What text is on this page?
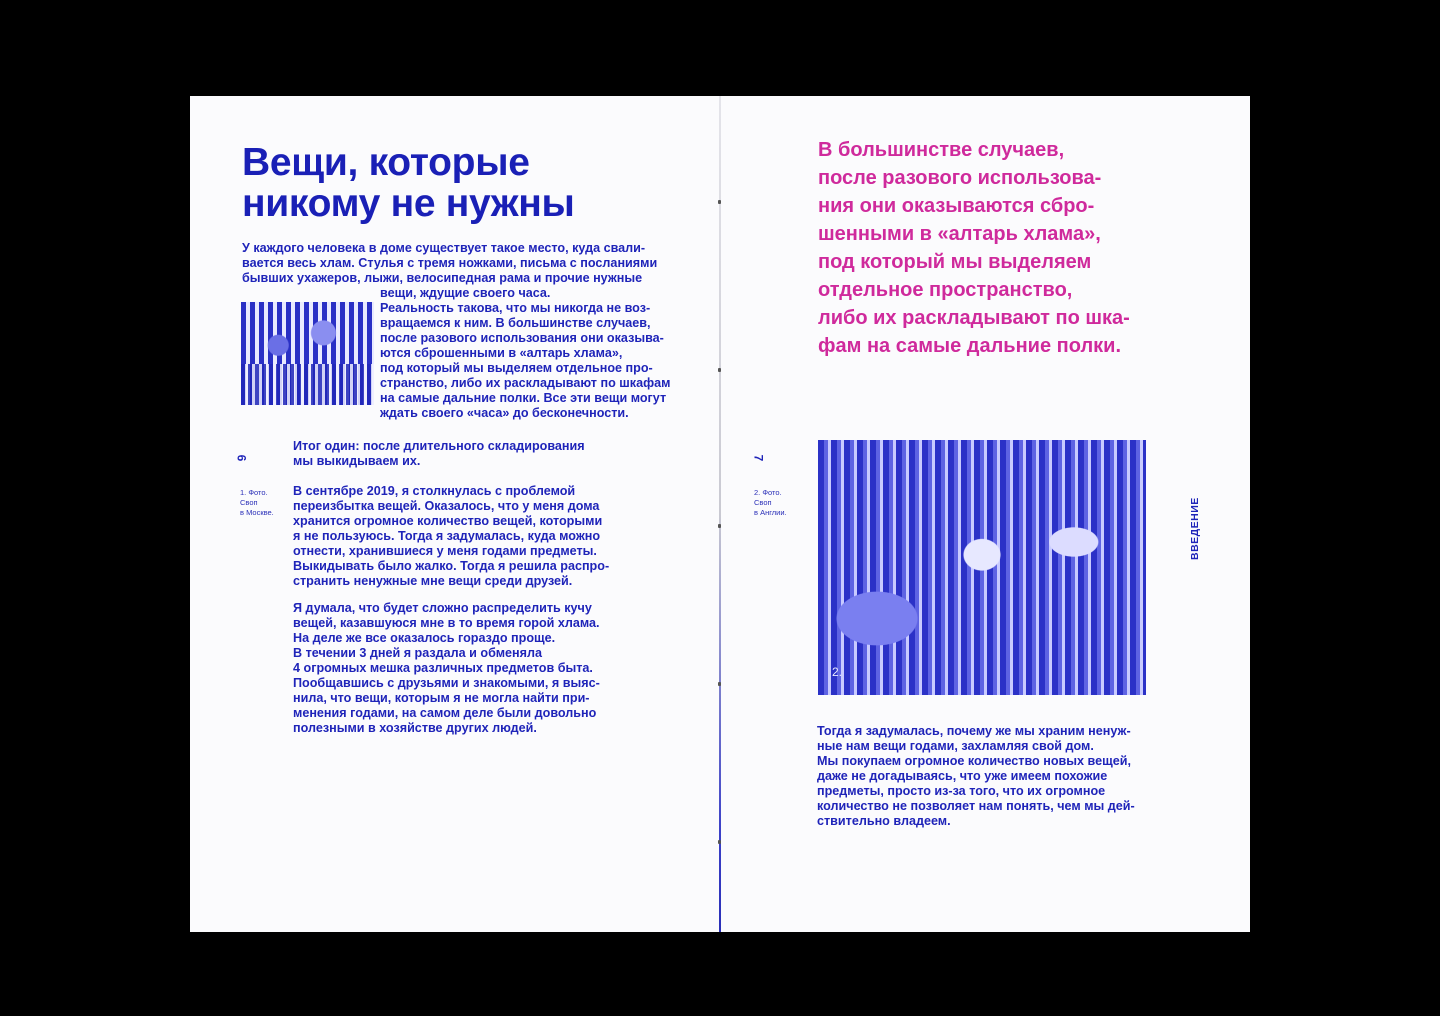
Вещи, которые
никому не нужны
У каждого человека в доме существует такое место, куда свали-
вается весь хлам. Стулья с тремя ножками, письма с посланиями
бывших ухажеров, лыжи, велосипедная рама и прочие нужные
вещи, ждущие своего часа.
Реальность такова, что мы никогда не воз-
вращаемся к ним. В большинстве случаев,
после разового использования они оказыва-
ются сброшенными в «алтарь хлама»,
под который мы выделяем отдельное про-
странство, либо их раскладывают по шкафам
на самые дальние полки. Все эти вещи могут
ждать своего «часа» до бесконечности.
6
Итог один: после длительного складирования
мы выкидываем их.
1. Фото.
Своп
в Москве.
В сентябре 2019, я столкнулась с проблемой
переизбытка вещей. Оказалось, что у меня дома
хранится огромное количество вещей, которыми
я не пользуюсь. Тогда я задумалась, куда можно
отнести, хранившиеся у меня годами предметы.
Выкидывать было жалко. Тогда я решила распро-
странить ненужные мне вещи среди друзей.
Я думала, что будет сложно распределить кучу
вещей, казавшуюся мне в то время горой хлама.
На деле же все оказалось гораздо проще.
В течении 3 дней я раздала и обменяла
4 огромных мешка различных предметов быта.
Пообщавшись с друзьями и знакомыми, я выяс-
нила, что вещи, которым я не могла найти при-
менения годами, на самом деле были довольно
полезными в хозяйстве других людей.
В большинстве случаев,
после разового использова-
ния они оказываются сбро-
шенными в «алтарь хлама»,
под который мы выделяем
отдельное пространство,
либо их раскладывают по шка-
фам на самые дальние полки.
7
2. Фото.
Своп
в Англии.
2.
ВВЕДЕНИЕ
Тогда я задумалась, почему же мы храним ненуж-
ные нам вещи годами, захламляя свой дом.
Мы покупаем огромное количество новых вещей,
даже не догадываясь, что уже имеем похожие
предметы, просто из-за того, что их огромное
количество не позволяет нам понять, чем мы дей-
ствительно владеем.
